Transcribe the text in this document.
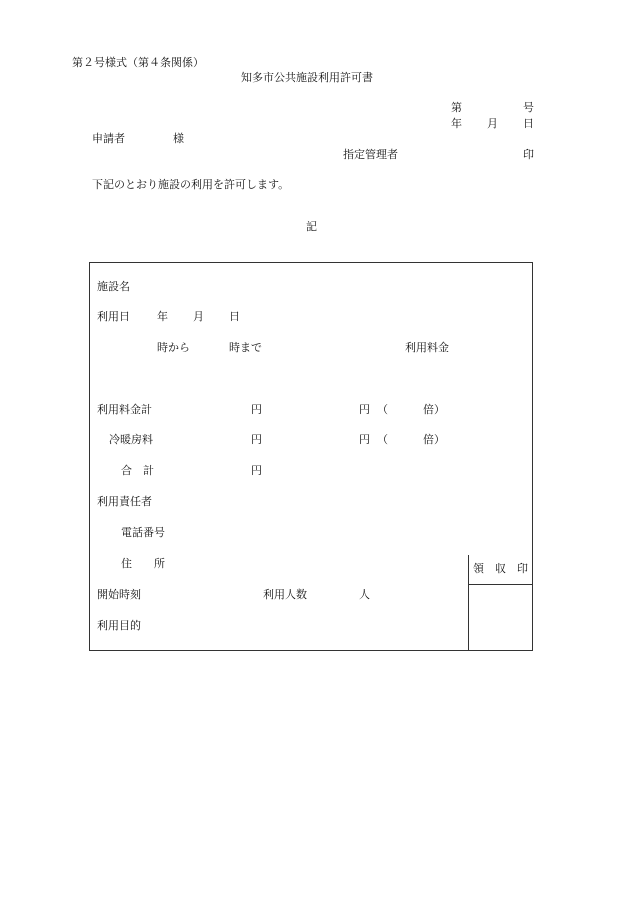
第２号様式（第４条関係）
知多市公共施設利用許可書
第	号
年 月 日
申請者	様
指定管理者	印
下記のとおり施設の利用を許可します。
記
領　収　印
施設名
利用日 年 月 日
時から	時まで	利用料金
利用料金計	円	円 （	倍）
冷暖房料	円	円 （	倍）
合　計	円
利用責任者
電話番号
住　　所
開始時刻	利用人数	人
利用目的
